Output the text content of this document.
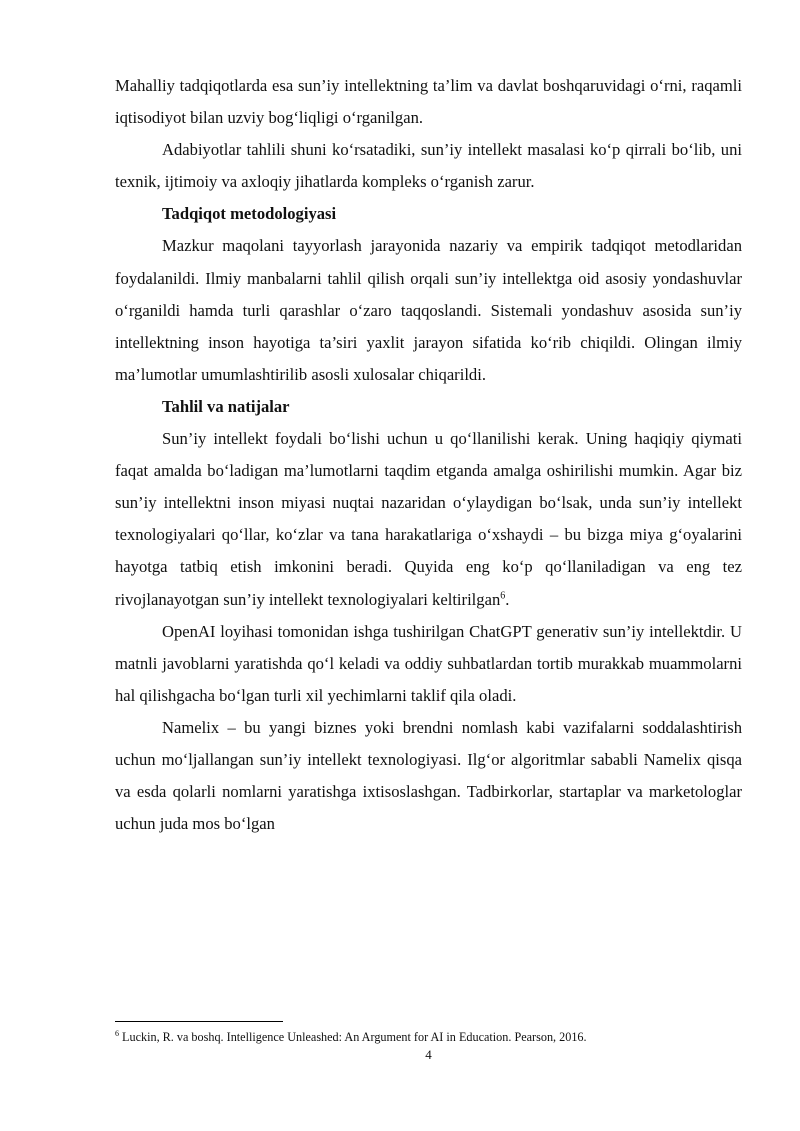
Mahalliy tadqiqotlarda esa sun’iy intellektning ta’lim va davlat boshqaruvidagi o‘rni, raqamli iqtisodiyot bilan uzviy bog‘liqligi o‘rganilgan.

Adabiyotlar tahlili shuni ko‘rsatadiki, sun’iy intellekt masalasi ko‘p qirrali bo‘lib, uni texnik, ijtimoiy va axloqiy jihatlarda kompleks o‘rganish zarur.

Tadqiqot metodologiyasi

Mazkur maqolani tayyorlash jarayonida nazariy va empirik tadqiqot metodlaridan foydalanildi. Ilmiy manbalarni tahlil qilish orqali sun’iy intellektga oid asosiy yondashuvlar o‘rganildi hamda turli qarashlar o‘zaro taqqoslandi. Sistemali yondashuv asosida sun’iy intellektning inson hayotiga ta’siri yaxlit jarayon sifatida ko‘rib chiqildi. Olingan ilmiy ma’lumotlar umumlashtirilib asosli xulosalar chiqarildi.

Tahlil va natijalar

Sun’iy intellekt foydali bo‘lishi uchun u qo‘llanilishi kerak. Uning haqiqiy qiymati faqat amalda bo‘ladigan ma’lumotlarni taqdim etganda amalga oshirilishi mumkin. Agar biz sun’iy intellektni inson miyasi nuqtai nazaridan o‘ylaydigan bo‘lsak, unda sun’iy intellekt texnologiyalari qo‘llar, ko‘zlar va tana harakatlariga o‘xshaydi – bu bizga miya g‘oyalarini hayotga tatbiq etish imkonini beradi. Quyida eng ko‘p qo‘llaniladigan va eng tez rivojlanayotgan sun’iy intellekt texnologiyalari keltirilgan$^6$.

OpenAI loyihasi tomonidan ishga tushirilgan ChatGPT generativ sun’iy intellektdir. U matnli javoblarni yaratishda qo‘l keladi va oddiy suhbatlardan tortib murakkab muammolarni hal qilishgacha bo‘lgan turli xil yechimlarni taklif qila oladi.

Namelix – bu yangi biznes yoki brendni nomlash kabi vazifalarni soddalashtirish uchun mo‘ljallangan sun’iy intellekt texnologiyasi. Ilg‘or algoritmlar sababli Namelix qisqa va esda qolarli nomlarni yaratishga ixtisoslashgan. Tadbirkorlar, startaplar va marketologlar uchun juda mos bo‘lgan

$^6$ Luckin, R. va boshq. Intelligence Unleashed: An Argument for AI in Education. Pearson, 2016.
4
